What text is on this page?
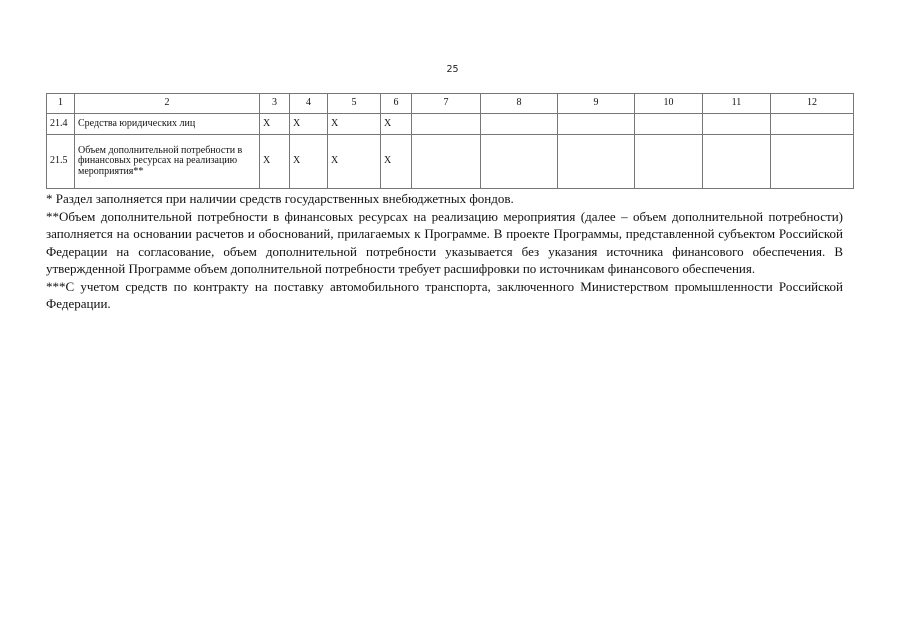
25
1	2	3	4	5	6	7	8	9	10	11	12
21.4	Средства юридических лиц	X	X	X	X						
21.5	Объем дополнительной потребности в финансовых ресурсах на реализацию мероприятия**	X	X	X	X						

* Раздел заполняется при наличии средств государственных внебюджетных фондов.

**Объем дополнительной потребности в финансовых ресурсах на реализацию мероприятия (далее – объем дополнительной потребности) заполняется на основании расчетов и обоснований, прилагаемых к Программе. В проекте Программы, представленной субъектом Российской Федерации на согласование, объем дополнительной потребности указывается без указания источника финансового обеспечения. В утвержденной Программе объем дополнительной потребности требует расшифровки по источникам финансового обеспечения.

***С учетом средств по контракту на поставку автомобильного транспорта, заключенного Министерством промышленности Российской Федерации.
